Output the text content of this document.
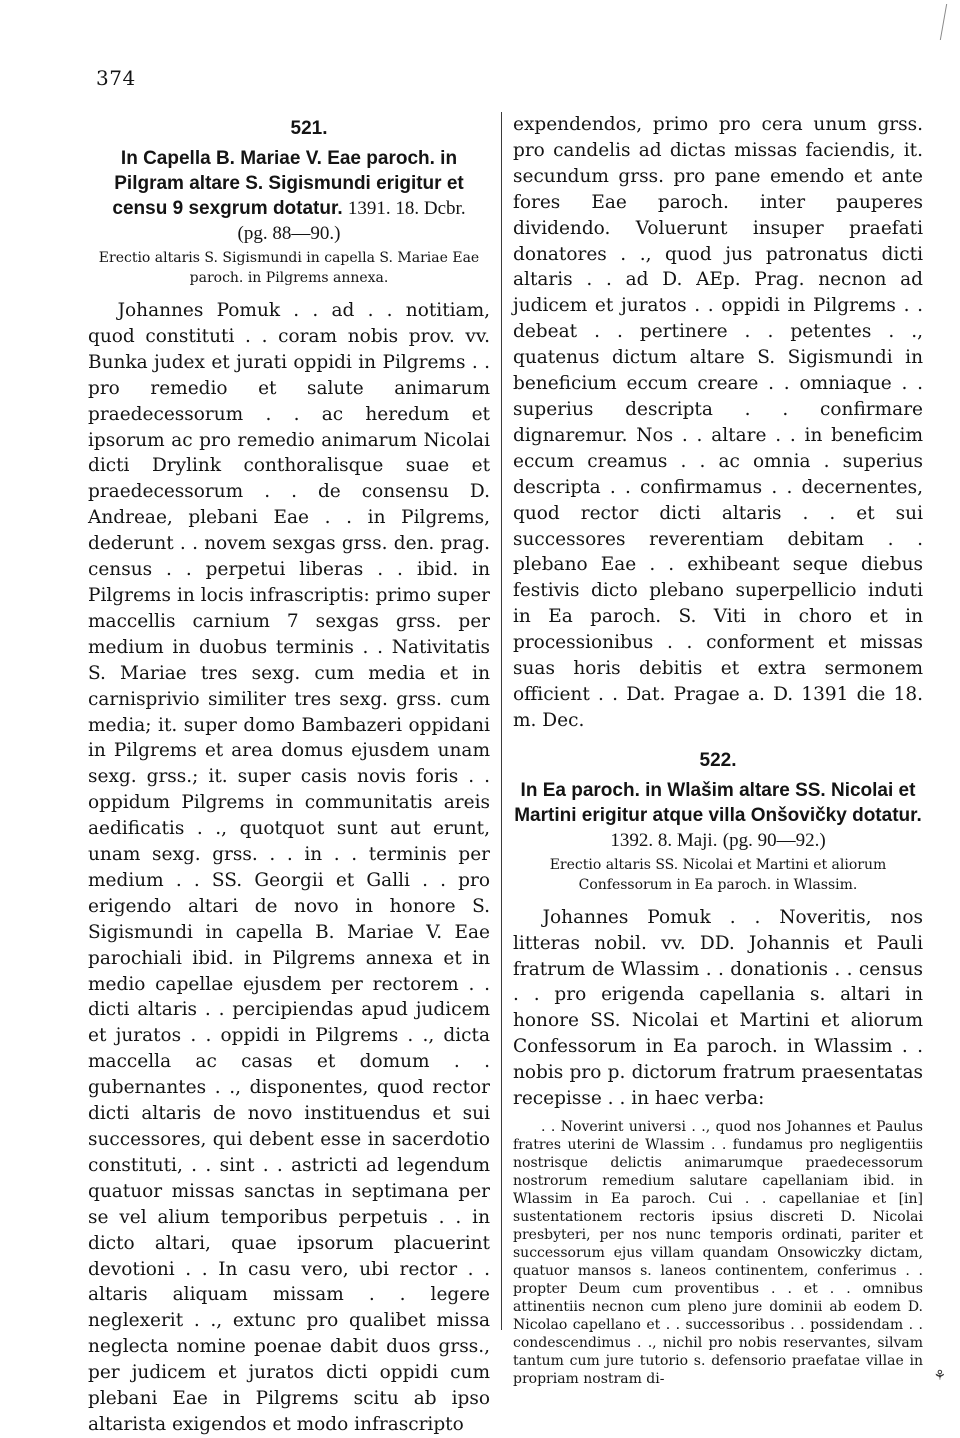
374
521.
In Capella B. Mariae V. Eae paroch. in Pilgram altare S. Sigismundi erigitur et censu 9 sexgrum dotatur. 1391. 18. Dcbr.
(pg. 88—90.)
Erectio altaris S. Sigismundi in capella S. Mariae Eae paroch. in Pilgrems annexa.

Johannes Pomuk . . ad . . notitiam, quod constituti . . coram nobis prov. vv. Bunka judex et jurati oppidi in Pilgrems . . pro remedio et salute animarum praedecessorum . . ac heredum et ipsorum ac pro remedio animarum Nicolai dicti Drylink conthoralisque suae et praedecessorum . . de consensu D. Andreae, plebani Eae . . in Pilgrems, dederunt . . novem sexgas grss. den. prag. census . . perpetui liberas . . ibid. in Pilgrems in locis infrascriptis: primo super maccellis carnium 7 sexgas grss. per medium in duobus terminis . . Nativitatis S. Mariae tres sexg. cum media et in carnisprivio similiter tres sexg. grss. cum media; it. super domo Bambazeri oppidani in Pilgrems et area domus ejusdem unam sexg. grss.; it. super casis novis foris . . oppidum Pilgrems in communitatis areis aedificatis . ., quotquot sunt aut erunt, unam sexg. grss. . . in . . terminis per medium . . SS. Georgii et Galli . . pro erigendo altari de novo in honore S. Sigismundi in capella B. Mariae V. Eae parochiali ibid. in Pilgrems annexa et in medio capellae ejusdem per rectorem . . dicti altaris . . percipiendas apud judicem et juratos . . oppidi in Pilgrems . ., dicta maccella ac casas et domum . . gubernantes . ., disponentes, quod rector dicti altaris de novo instituendus et sui successores, qui debent esse in sacerdotio constituti, . . sint . . astricti ad legendum quatuor missas sanctas in septimana per se vel alium temporibus perpetuis . . in dicto altari, quae ipsorum placuerint devotioni . . In casu vero, ubi rector . . altaris aliquam missam . . legere neglexerit . ., extunc pro qualibet missa neglecta nomine poenae dabit duos grss., per judicem et juratos dicti oppidi cum plebani Eae in Pilgrems scitu ab ipso altarista exigendos et modo infrascripto

expendendos, primo pro cera unum grss. pro candelis ad dictas missas faciendis, it. secundum grss. pro pane emendo et ante fores Eae paroch. inter pauperes dividendo. Voluerunt insuper praefati donatores . ., quod jus patronatus dicti altaris . . ad D. AEp. Prag. necnon ad judicem et juratos . . oppidi in Pilgrems . . debeat . . pertinere . . petentes . ., quatenus dictum altare S. Sigismundi in beneficium eccum creare . . omniaque . . superius descripta . . confirmare dignaremur. Nos . . altare . . in beneficim eccum creamus . . ac omnia . superius descripta . . confirmamus . . decernentes, quod rector dicti altaris . . et sui successores reverentiam debitam . . plebano Eae . . exhibeant seque diebus festivis dicto plebano superpellicio induti in Ea paroch. S. Viti in choro et in processionibus . . conforment et missas suas horis debitis et extra sermonem officient . . Dat. Pragae a. D. 1391 die 18. m. Dec.

522.
In Ea paroch. in Wlašim altare SS. Nicolai et Martini erigitur atque villa Onšovičky dotatur. 1392. 8. Maji. (pg. 90—92.)
Erectio altaris SS. Nicolai et Martini et aliorum Confessorum in Ea paroch. in Wlassim.

Johannes Pomuk . . Noveritis, nos litteras nobil. vv. DD. Johannis et Pauli fratrum de Wlassim . . donationis . . census . . pro erigenda capellania s. altari in honore SS. Nicolai et Martini et aliorum Confessorum in Ea paroch. in Wlassim . . nobis pro p. dictorum fratrum praesentatas recepisse . . in haec verba:

. . Noverint universi . ., quod nos Johannes et Paulus fratres uterini de Wlassim . . fundamus pro negligentiis nostrisque delictis animarumque praedecessorum nostrorum remedium salutare capellaniam ibid. in Wlassim in Ea paroch. Cui . . capellaniae et [in] sustentationem rectoris ipsius discreti D. Nicolai presbyteri, per nos nunc temporis ordinati, pariter et successorum ejus villam quandam Onsowiczky dictam, quatuor mansos s. laneos continentem, conferimus . . propter Deum cum proventibus . . et . . omnibus attinentiis necnon cum pleno jure dominii ab eodem D. Nicolao capellano et . . successoribus . . possidendam . . condescendimus . ., nichil pro nobis reservantes, silvam tantum cum jure tutorio s. defensorio praefatae villae in propriam nostram di-	⚘
